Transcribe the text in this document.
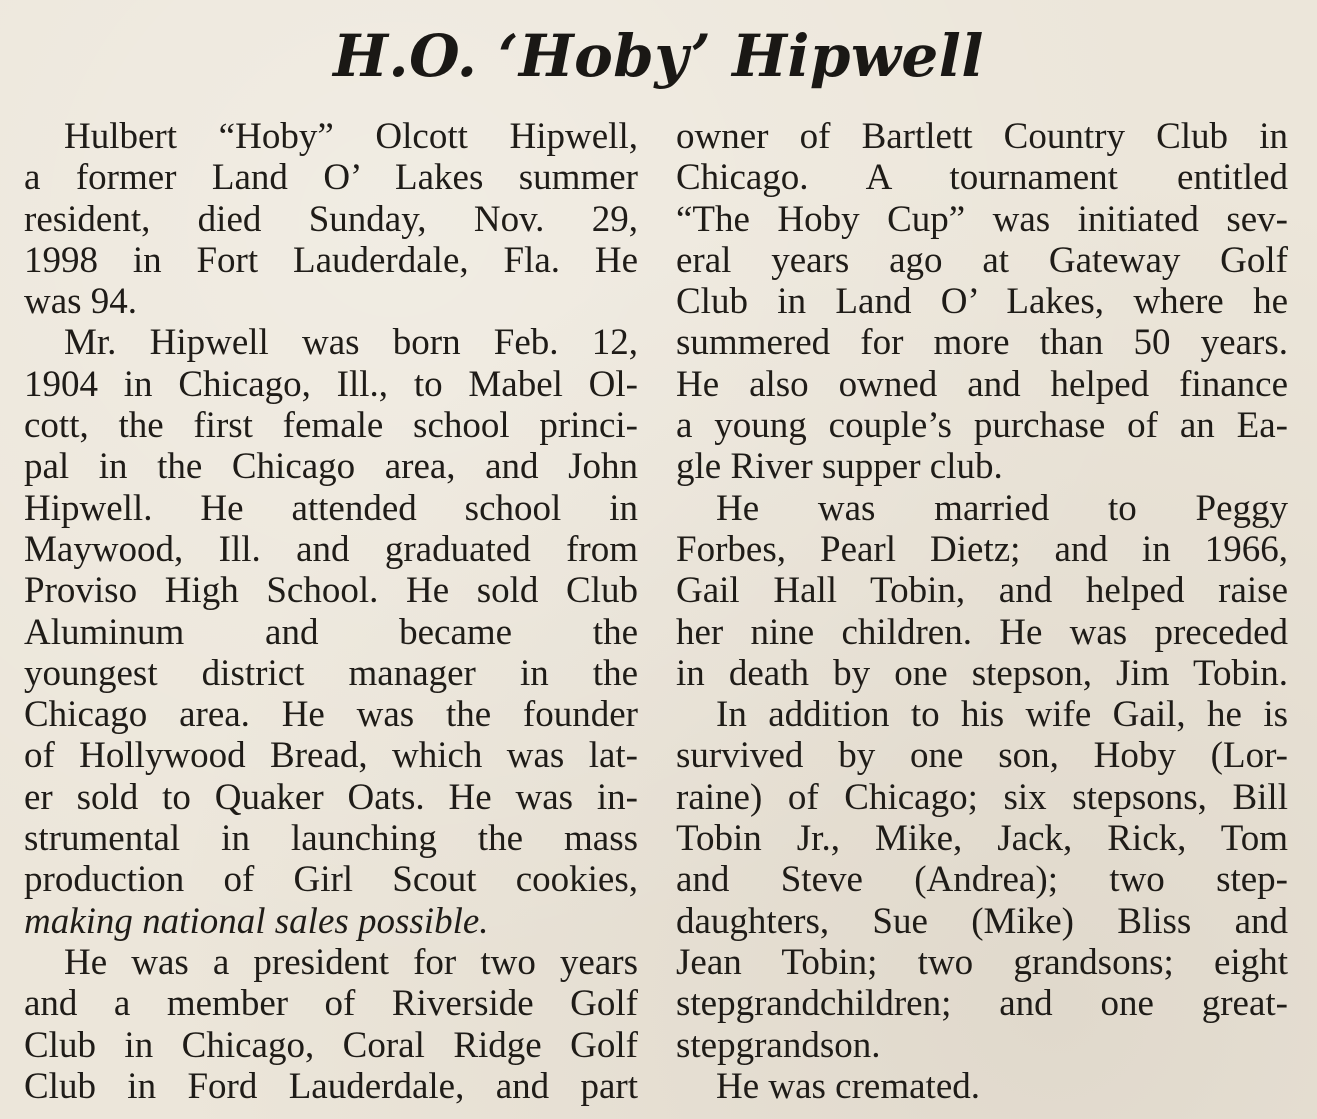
H.O. ‘Hoby’ Hipwell
Hulbert “Hoby” Olcott Hipwell,
a former Land O’ Lakes summer
resident, died Sunday, Nov. 29,
1998 in Fort Lauderdale, Fla. He
was 94.
Mr. Hipwell was born Feb. 12,
1904 in Chicago, Ill., to Mabel Ol-
cott, the first female school princi-
pal in the Chicago area, and John
Hipwell. He attended school in
Maywood, Ill. and graduated from
Proviso High School. He sold Club
Aluminum and became the
youngest district manager in the
Chicago area. He was the founder
of Hollywood Bread, which was lat-
er sold to Quaker Oats. He was in-
strumental in launching the mass
production of Girl Scout cookies,
making national sales possible.
He was a president for two years
and a member of Riverside Golf
Club in Chicago, Coral Ridge Golf
Club in Ford Lauderdale, and part
owner of Bartlett Country Club in
Chicago. A tournament entitled
“The Hoby Cup” was initiated sev-
eral years ago at Gateway Golf
Club in Land O’ Lakes, where he
summered for more than 50 years.
He also owned and helped finance
a young couple’s purchase of an Ea-
gle River supper club.
He was married to Peggy
Forbes, Pearl Dietz; and in 1966,
Gail Hall Tobin, and helped raise
her nine children. He was preceded
in death by one stepson, Jim Tobin.
In addition to his wife Gail, he is
survived by one son, Hoby (Lor-
raine) of Chicago; six stepsons, Bill
Tobin Jr., Mike, Jack, Rick, Tom
and Steve (Andrea); two step-
daughters, Sue (Mike) Bliss and
Jean Tobin; two grandsons; eight
stepgrandchildren; and one great-
stepgrandson.
He was cremated.
